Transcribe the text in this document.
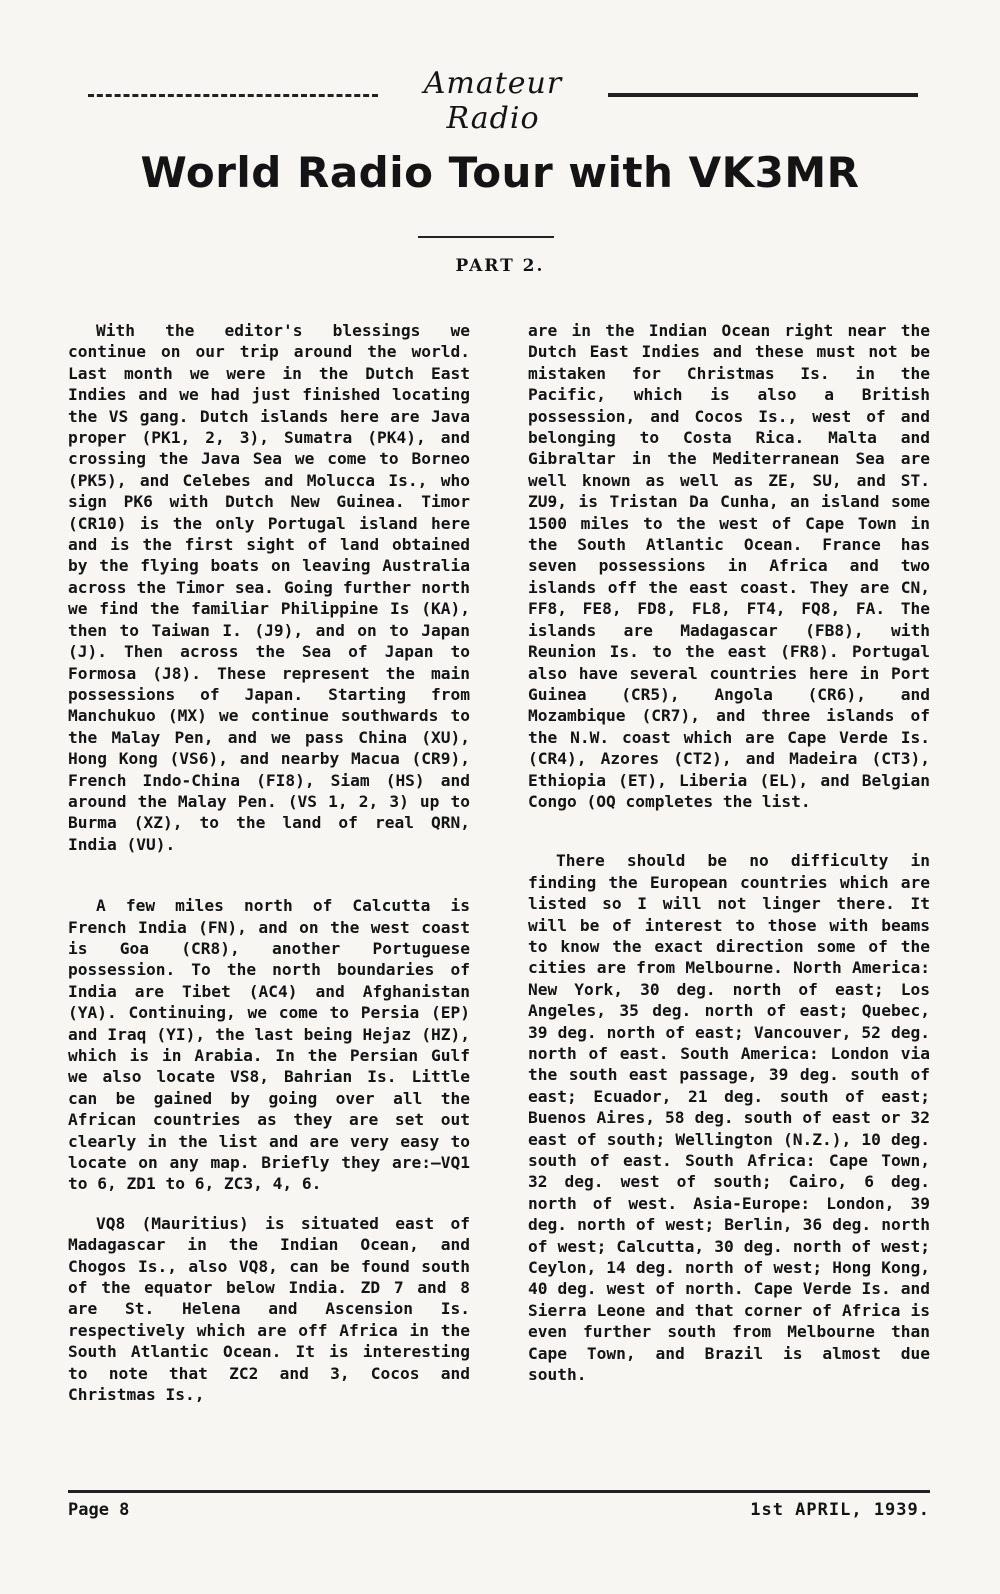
Amateur Radio
World Radio Tour with VK3MR
PART 2.

With the editor's blessings we continue on our trip around the world. Last month we were in the Dutch East Indies and we had just finished locating the VS gang. Dutch islands here are Java proper (PK1, 2, 3), Sumatra (PK4), and crossing the Java Sea we come to Borneo (PK5), and Celebes and Molucca Is., who sign PK6 with Dutch New Guinea. Timor (CR10) is the only Portugal island here and is the first sight of land obtained by the flying boats on leaving Australia across the Timor sea. Going further north we find the familiar Philippine Is (KA), then to Taiwan I. (J9), and on to Japan (J). Then across the Sea of Japan to Formosa (J8). These represent the main possessions of Japan. Starting from Manchukuo (MX) we continue southwards to the Malay Pen, and we pass China (XU), Hong Kong (VS6), and nearby Macua (CR9), French Indo-China (FI8), Siam (HS) and around the Malay Pen. (VS 1, 2, 3) up to Burma (XZ), to the land of real QRN, India (VU).

A few miles north of Calcutta is French India (FN), and on the west coast is Goa (CR8), another Portuguese possession. To the north boundaries of India are Tibet (AC4) and Afghanistan (YA). Continuing, we come to Persia (EP) and Iraq (YI), the last being Hejaz (HZ), which is in Arabia. In the Persian Gulf we also locate VS8, Bahrian Is. Little can be gained by going over all the African countries as they are set out clearly in the list and are very easy to locate on any map. Briefly they are:—VQ1 to 6, ZD1 to 6, ZC3, 4, 6.

VQ8 (Mauritius) is situated east of Madagascar in the Indian Ocean, and Chogos Is., also VQ8, can be found south of the equator below India. ZD 7 and 8 are St. Helena and Ascension Is. respectively which are off Africa in the South Atlantic Ocean. It is interesting to note that ZC2 and 3, Cocos and Christmas Is.,

are in the Indian Ocean right near the Dutch East Indies and these must not be mistaken for Christmas Is. in the Pacific, which is also a British possession, and Cocos Is., west of and belonging to Costa Rica. Malta and Gibraltar in the Mediterranean Sea are well known as well as ZE, SU, and ST. ZU9, is Tristan Da Cunha, an island some 1500 miles to the west of Cape Town in the South Atlantic Ocean. France has seven possessions in Africa and two islands off the east coast. They are CN, FF8, FE8, FD8, FL8, FT4, FQ8, FA. The islands are Madagascar (FB8), with Reunion Is. to the east (FR8). Portugal also have several countries here in Port Guinea (CR5), Angola (CR6), and Mozambique (CR7), and three islands of the N.W. coast which are Cape Verde Is. (CR4), Azores (CT2), and Madeira (CT3), Ethiopia (ET), Liberia (EL), and Belgian Congo (OQ completes the list.

There should be no difficulty in finding the European countries which are listed so I will not linger there. It will be of interest to those with beams to know the exact direction some of the cities are from Melbourne. North America: New York, 30 deg. north of east; Los Angeles, 35 deg. north of east; Quebec, 39 deg. north of east; Vancouver, 52 deg. north of east. South America: London via the south east passage, 39 deg. south of east; Ecuador, 21 deg. south of east; Buenos Aires, 58 deg. south of east or 32 east of south; Wellington (N.Z.), 10 deg. south of east. South Africa: Cape Town, 32 deg. west of south; Cairo, 6 deg. north of west. Asia-Europe: London, 39 deg. north of west; Berlin, 36 deg. north of west; Calcutta, 30 deg. north of west; Ceylon, 14 deg. north of west; Hong Kong, 40 deg. west of north. Cape Verde Is. and Sierra Leone and that corner of Africa is even further south from Melbourne than Cape Town, and Brazil is almost due south.

Page 8	1st APRIL, 1939.
